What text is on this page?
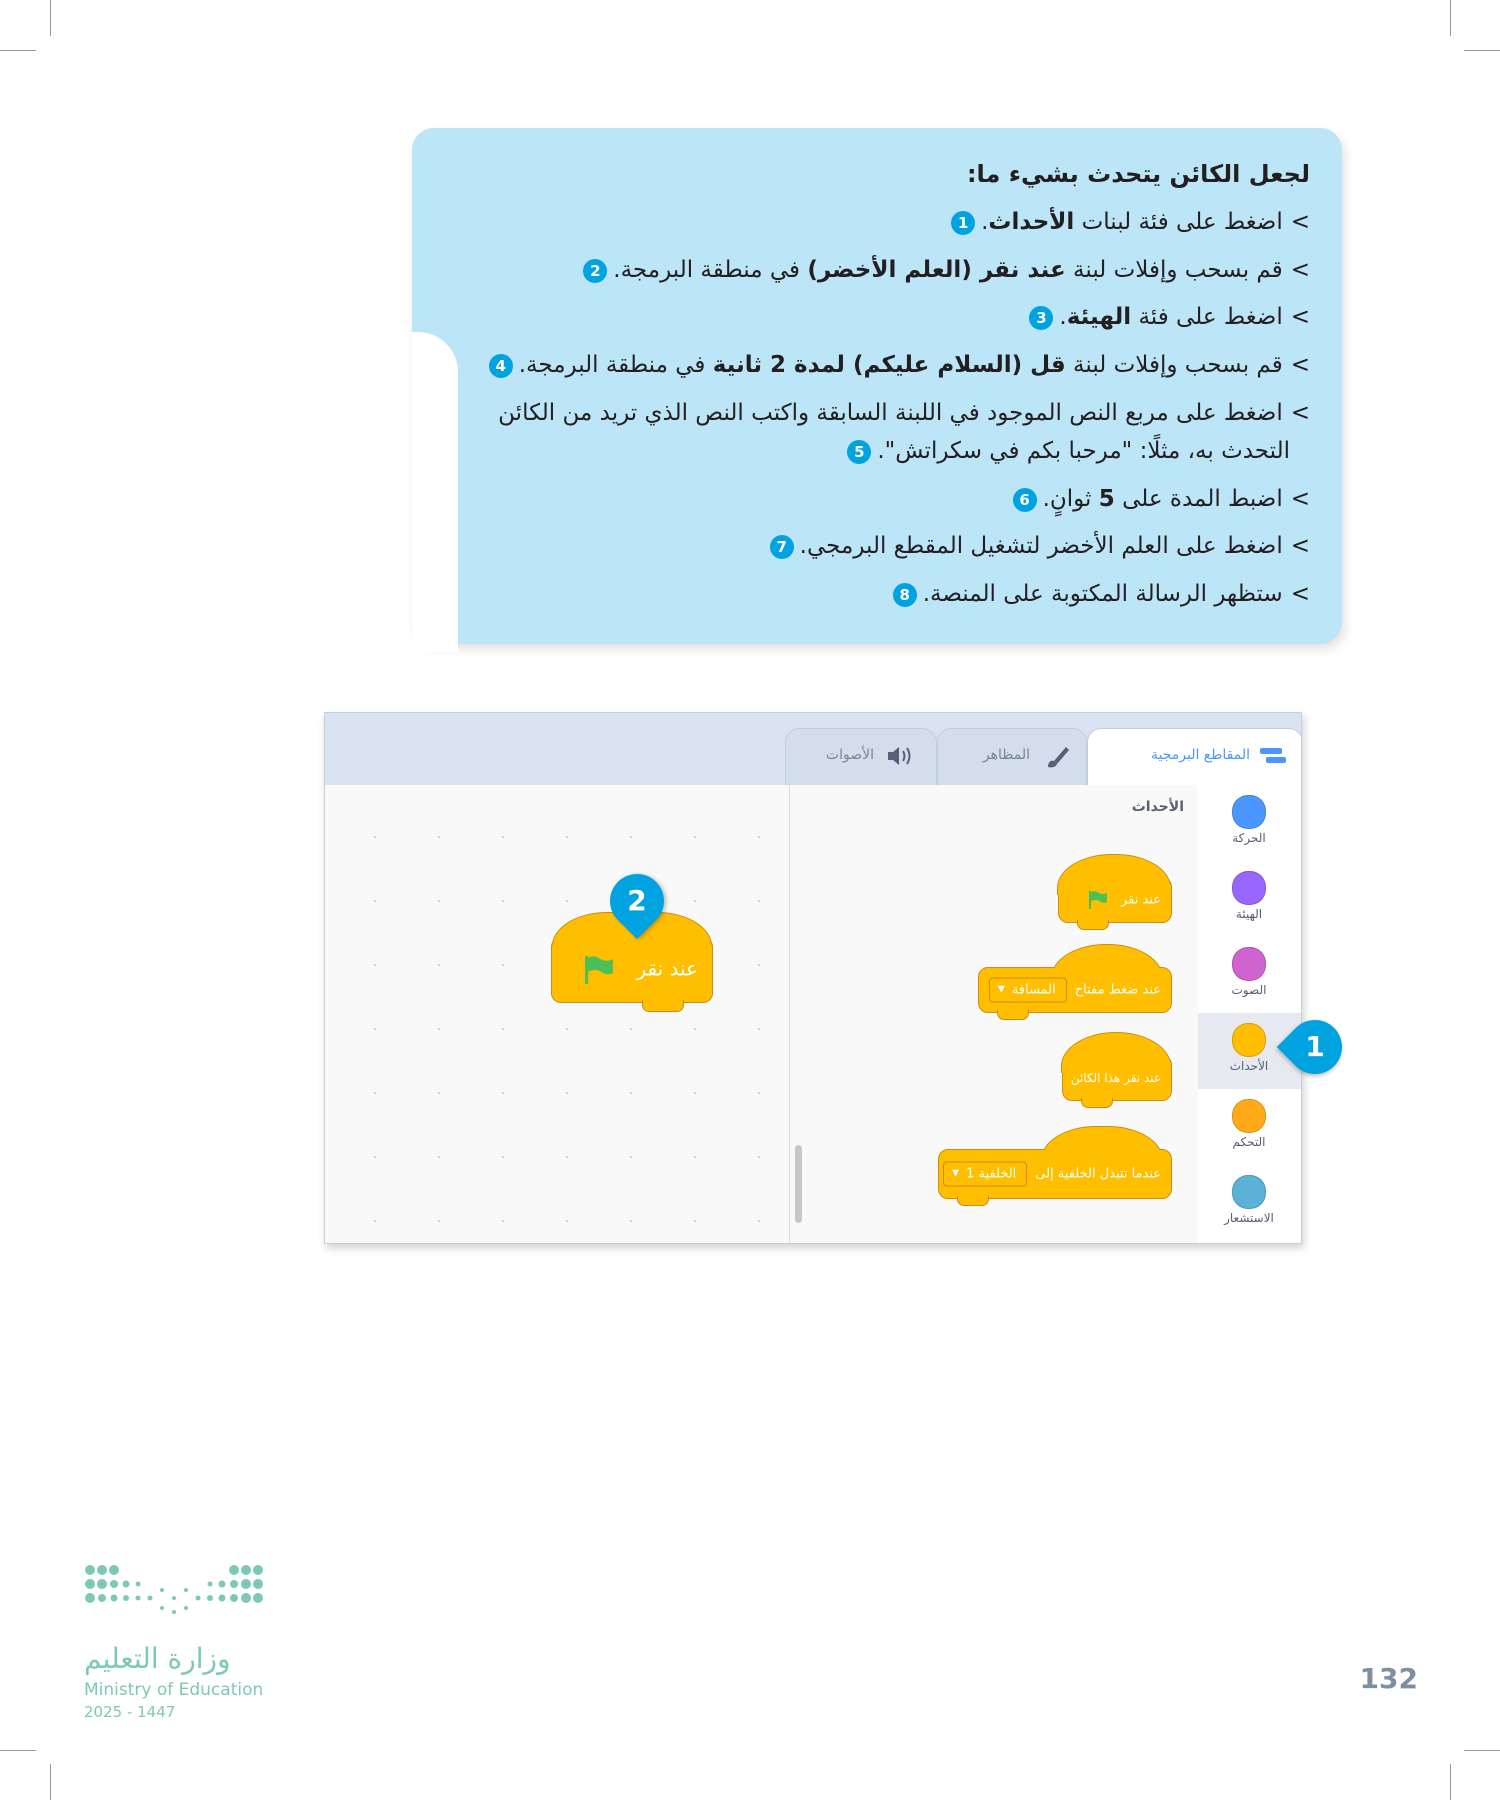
لجعل الكائن يتحدث بشيء ما:
>اضغط على فئة لبنات الأحداث.1
>قم بسحب وإفلات لبنة عند نقر (العلم الأخضر) في منطقة البرمجة.2
>اضغط على فئة الهيئة.3
>قم بسحب وإفلات لبنة قل (السلام عليكم) لمدة 2 ثانية في منطقة البرمجة.4
>اضغط على مربع النص الموجود في اللبنة السابقة واكتب النص الذي تريد من الكائن
التحدث به، مثلًا: "مرحبا بكم في سكراتش".5
>اضبط المدة على 5 ثوانٍ.6
>اضغط على العلم الأخضر لتشغيل المقطع البرمجي.7
>ستظهر الرسالة المكتوبة على المنصة.8
المقاطع البرمجية
المظاهر
الأصوات
الحركة
الهيئة
الصوت
الأحداث
التحكم
الاستشعار
الأحداث
عند نقر
عند ضغط مفتاح▼ المسافة
عند نقر هذا الكائن
عندما تتبدل الخلفية إلى▼ الخلفية 1
عند نقر
2
1
وزارة التعليم
Ministry of Education
2025 - 1447
132
